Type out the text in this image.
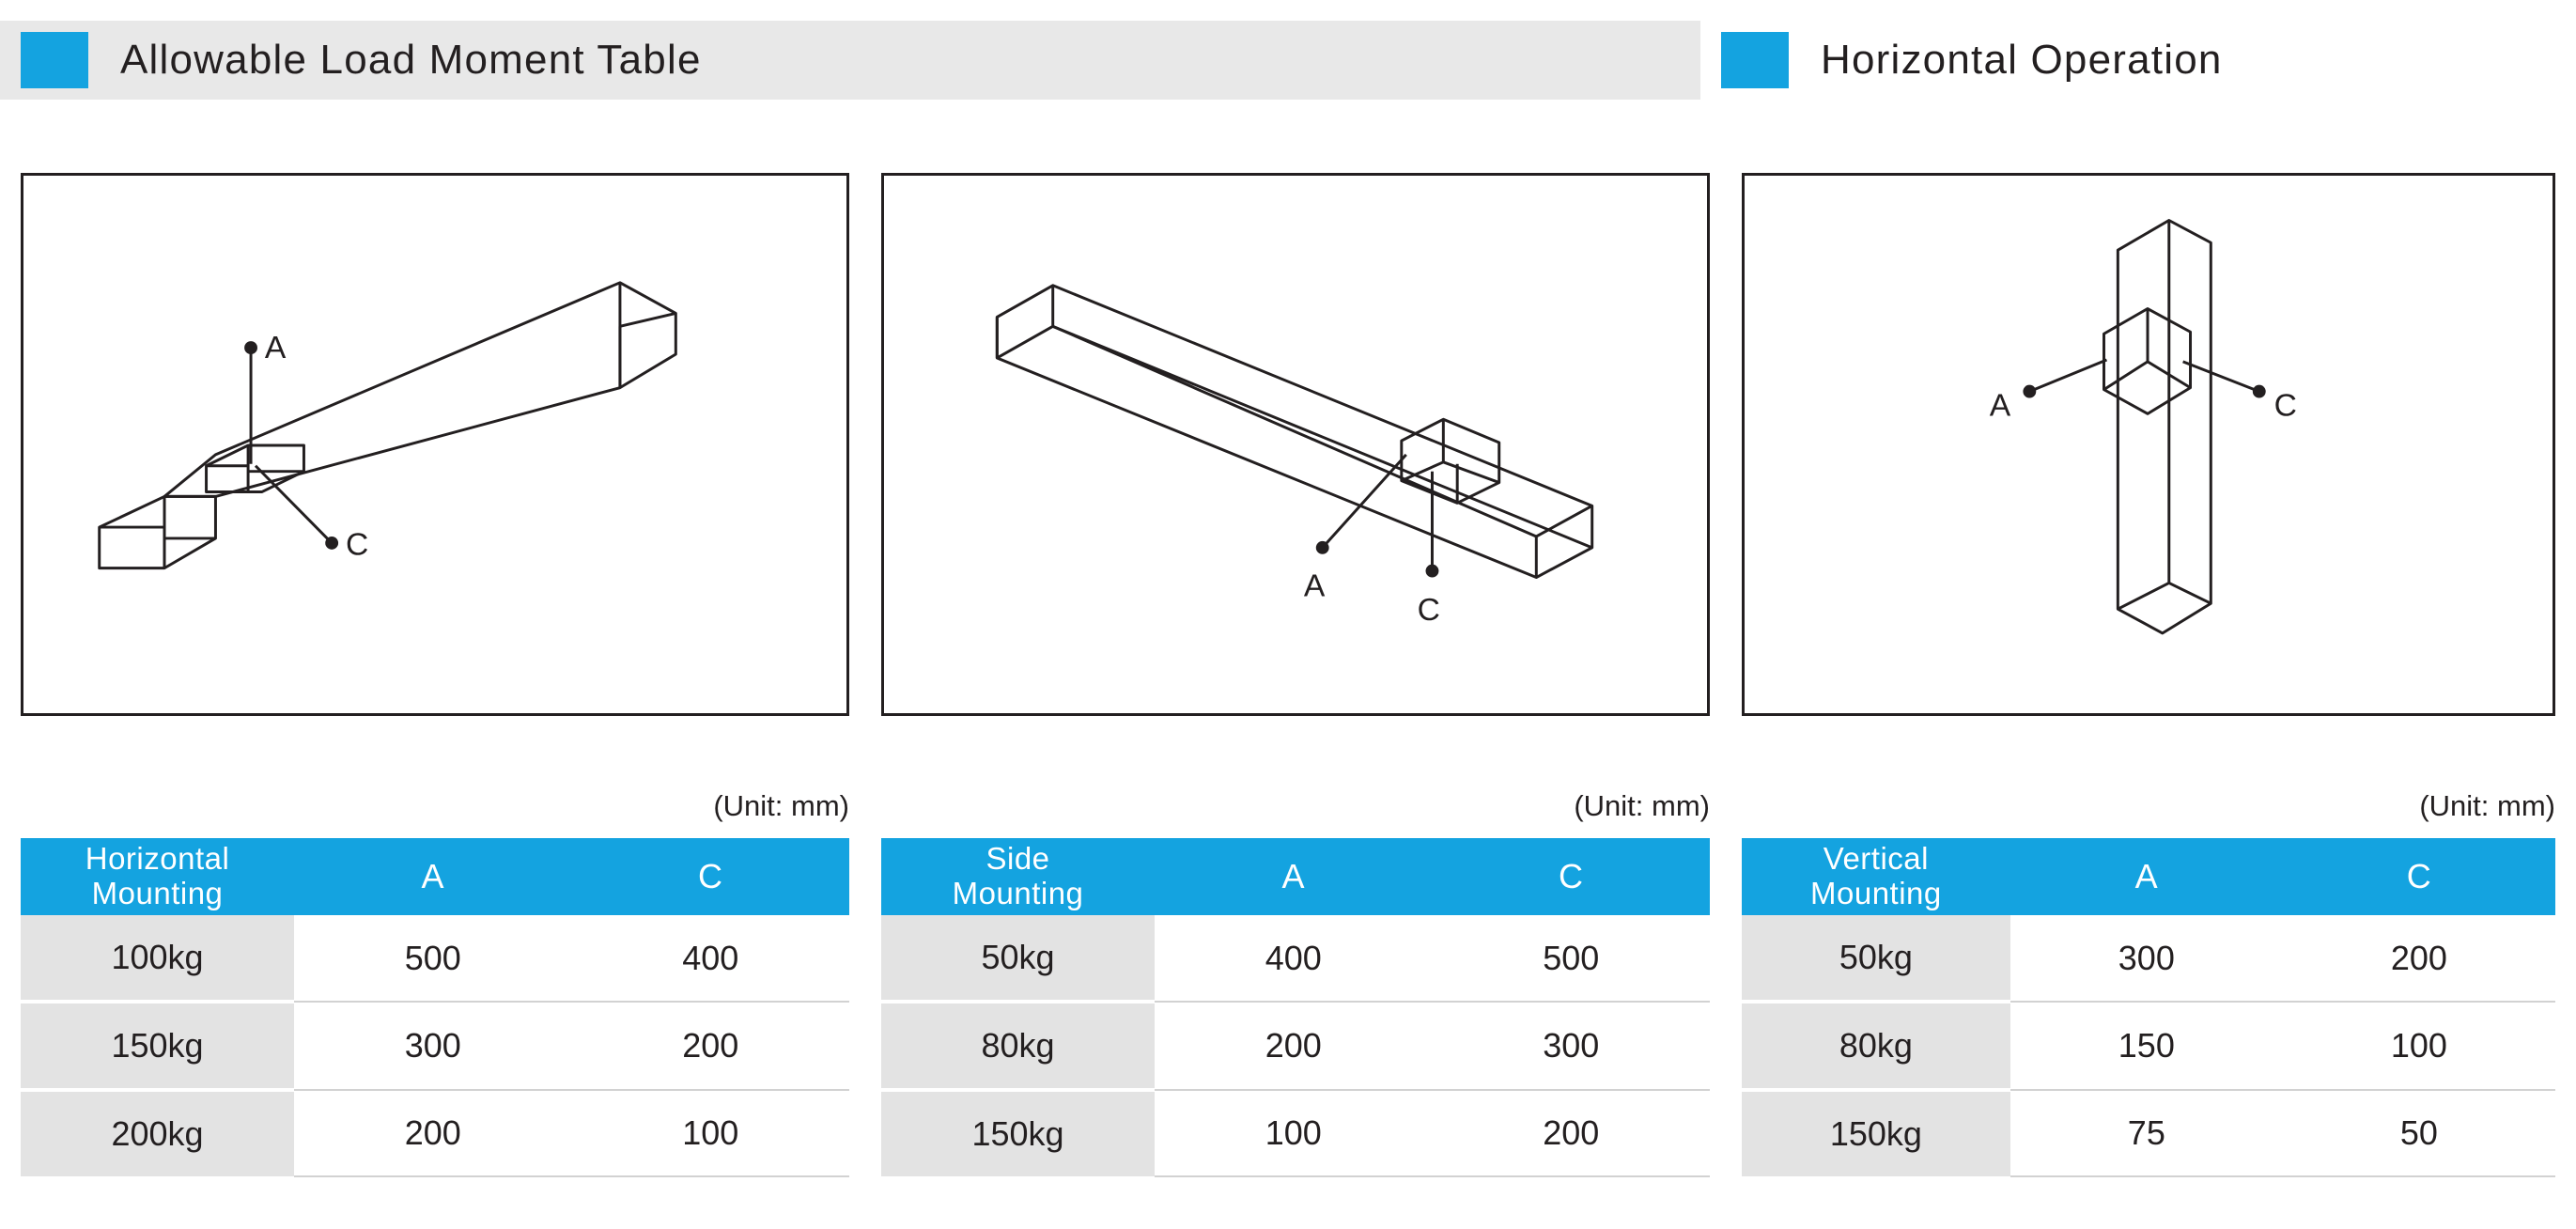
Allowable Load Moment Table	Horizontal Operation
A
C
A
C
A	C
(Unit: mm)	(Unit: mm)	(Unit: mm)
Horizontal
Mounting	A	C
100kg	500	400
150kg	300	200
200kg	200	100
Side
Mounting	A	C
50kg	400	500
80kg	200	300
150kg	100	200
Vertical
Mounting	A	C
50kg	300	200
80kg	150	100
150kg	75	50
